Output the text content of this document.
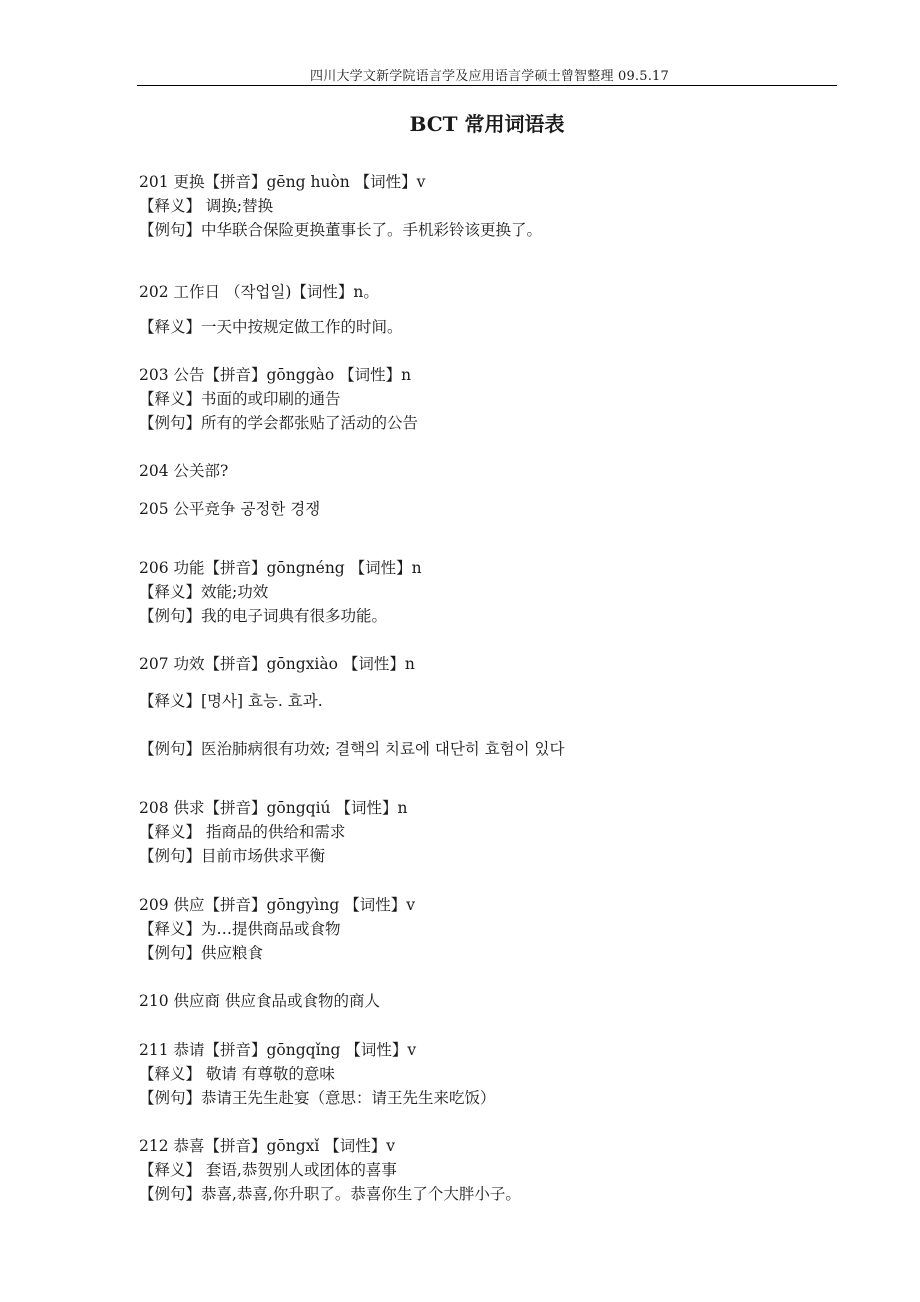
四川大学文新学院语言学及应用语言学硕士曾智整理 09.5.17
BCT 常用词语表
201 更换【拼音】gēng huòn 【词性】v
【释义】 调换;替换
【例句】中华联合保险更换董事长了。手机彩铃该更换了。
202 工作日 （작업일)【词性】n。
【释义】一天中按规定做工作的时间。
203 公告【拼音】gōnggào 【词性】n
【释义】书面的或印刷的通告
【例句】所有的学会都张贴了活动的公告
204 公关部?
205 公平竞争 공정한 경쟁
206 功能【拼音】gōngnéng 【词性】n
【释义】效能;功效
【例句】我的电子词典有很多功能。
207 功效【拼音】gōngxiào 【词性】n
【释义】[명사] 효능. 효과.
【例句】医治肺病很有功效; 결핵의 치료에 대단히 효험이 있다
208 供求【拼音】gōngqiú 【词性】n
【释义】 指商品的供给和需求
【例句】目前市场供求平衡
209 供应【拼音】gōngyìng 【词性】v
【释义】为…提供商品或食物
【例句】供应粮食
210 供应商 供应食品或食物的商人
211 恭请【拼音】gōngqǐng 【词性】v
【释义】 敬请 有尊敬的意味
【例句】恭请王先生赴宴（意思：请王先生来吃饭）
212 恭喜【拼音】gōngxǐ 【词性】v
【释义】 套语,恭贺别人或团体的喜事
【例句】恭喜,恭喜,你升职了。恭喜你生了个大胖小子。
